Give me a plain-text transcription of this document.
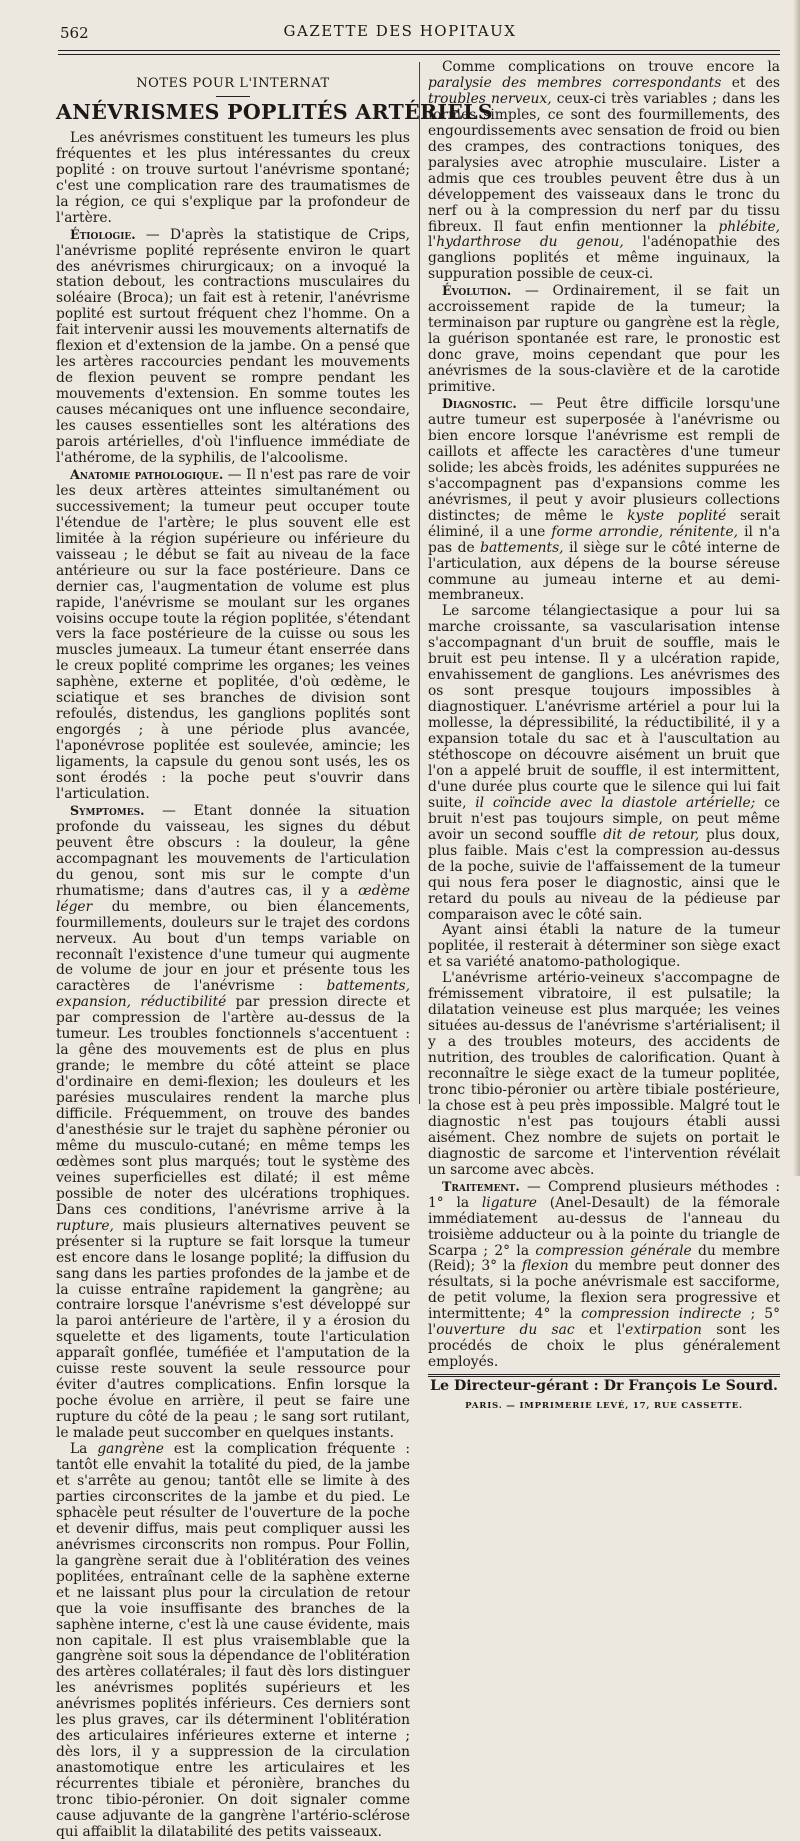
562	GAZETTE DES HOPITAUX
NOTES POUR L'INTERNAT
ANÉVRISMES POPLITÉS ARTÉRIELS

Les anévrismes constituent les tumeurs les plus fréquentes et les plus intéressantes du creux poplité : on trouve surtout l'anévrisme spontané; c'est une complication rare des traumatismes de la région, ce qui s'explique par la profondeur de l'artère.

Étiologie. — D'après la statistique de Crips, l'anévrisme poplité représente environ le quart des anévrismes chirurgicaux; on a invoqué la station debout, les contractions musculaires du soléaire (Broca); un fait est à retenir, l'anévrisme poplité est surtout fréquent chez l'homme. On a fait intervenir aussi les mouvements alternatifs de flexion et d'extension de la jambe. On a pensé que les artères raccourcies pendant les mouvements de flexion peuvent se rompre pendant les mouvements d'extension. En somme toutes les causes mécaniques ont une influence secondaire, les causes essentielles sont les altérations des parois artérielles, d'où l'influence immédiate de l'athérome, de la syphilis, de l'alcoolisme.

Anatomie pathologique. — Il n'est pas rare de voir les deux artères atteintes simultanément ou successivement; la tumeur peut occuper toute l'étendue de l'artère; le plus souvent elle est limitée à la région supérieure ou inférieure du vaisseau ; le début se fait au niveau de la face antérieure ou sur la face postérieure. Dans ce dernier cas, l'augmentation de volume est plus rapide, l'anévrisme se moulant sur les organes voisins occupe toute la région poplitée, s'étendant vers la face postérieure de la cuisse ou sous les muscles jumeaux. La tumeur étant enserrée dans le creux poplité comprime les organes; les veines saphène, externe et poplitée, d'où œdème, le sciatique et ses branches de division sont refoulés, distendus, les ganglions poplités sont engorgés ; à une période plus avancée, l'aponévrose poplitée est soulevée, amincie; les ligaments, la capsule du genou sont usés, les os sont érodés : la poche peut s'ouvrir dans l'articulation.

Symptomes. — Etant donnée la situation profonde du vaisseau, les signes du début peuvent être obscurs : la douleur, la gêne accompagnant les mouvements de l'articulation du genou, sont mis sur le compte d'un rhumatisme; dans d'autres cas, il y a œdème léger du membre, ou bien élancements, fourmillements, douleurs sur le trajet des cordons nerveux. Au bout d'un temps variable on reconnaît l'existence d'une tumeur qui augmente de volume de jour en jour et présente tous les caractères de l'anévrisme : battements, expansion, réductibilité par pression directe et par compression de l'artère au-dessus de la tumeur. Les troubles fonctionnels s'accentuent : la gêne des mouvements est de plus en plus grande; le membre du côté atteint se place d'ordinaire en demi-flexion; les douleurs et les parésies musculaires rendent la marche plus difficile. Fréquemment, on trouve des bandes d'anesthésie sur le trajet du saphène péronier ou même du musculo-cutané; en même temps les œdèmes sont plus marqués; tout le système des veines superficielles est dilaté; il est même possible de noter des ulcérations trophiques. Dans ces conditions, l'anévrisme arrive à la rupture, mais plusieurs alternatives peuvent se présenter si la rupture se fait lorsque la tumeur est encore dans le losange poplité; la diffusion du sang dans les parties profondes de la jambe et de la cuisse entraîne rapidement la gangrène; au contraire lorsque l'anévrisme s'est développé sur la paroi antérieure de l'artère, il y a érosion du squelette et des ligaments, toute l'articulation apparaît gonflée, tuméfiée et l'amputation de la cuisse reste souvent la seule ressource pour éviter d'autres complications. Enfin lorsque la poche évolue en arrière, il peut se faire une rupture du côté de la peau ; le sang sort rutilant, le malade peut succomber en quelques instants.

La gangrène est la complication fréquente : tantôt elle envahit la totalité du pied, de la jambe et s'arrête au genou; tantôt elle se limite à des parties circonscrites de la jambe et du pied. Le sphacèle peut résulter de l'ouverture de la poche et devenir diffus, mais peut compliquer aussi les anévrismes circonscrits non rompus. Pour Follin, la gangrène serait due à l'oblitération des veines poplitées, entraînant celle de la saphène externe et ne laissant plus pour la circulation de retour que la voie insuffisante des branches de la saphène interne, c'est là une cause évidente, mais non capitale. Il est plus vraisemblable que la gangrène soit sous la dépendance de l'oblitération des artères collatérales; il faut dès lors distinguer les anévrismes poplités supérieurs et les anévrismes poplités inférieurs. Ces derniers sont les plus graves, car ils déterminent l'oblitération des articulaires inférieures externe et interne ; dès lors, il y a suppression de la circulation anastomotique entre les articulaires et les récurrentes tibiale et péronière, branches du tronc tibio-péronier. On doit signaler comme cause adjuvante de la gangrène l'artério-sclérose qui affaiblit la dilatabilité des petits vaisseaux.

Comme complications on trouve encore la paralysie des membres correspondants et des troubles nerveux, ceux-ci très variables ; dans les formes simples, ce sont des fourmillements, des engourdissements avec sensation de froid ou bien des crampes, des contractions toniques, des paralysies avec atrophie musculaire. Lister a admis que ces troubles peuvent être dus à un développement des vaisseaux dans le tronc du nerf ou à la compression du nerf par du tissu fibreux. Il faut enfin mentionner la phlébite, l'hydarthrose du genou, l'adénopathie des ganglions poplités et même inguinaux, la suppuration possible de ceux-ci.

Évolution. — Ordinairement, il se fait un accroissement rapide de la tumeur; la terminaison par rupture ou gangrène est la règle, la guérison spontanée est rare, le pronostic est donc grave, moins cependant que pour les anévrismes de la sous-clavière et de la carotide primitive.

Diagnostic. — Peut être difficile lorsqu'une autre tumeur est superposée à l'anévrisme ou bien encore lorsque l'anévrisme est rempli de caillots et affecte les caractères d'une tumeur solide; les abcès froids, les adénites suppurées ne s'accompagnent pas d'expansions comme les anévrismes, il peut y avoir plusieurs collections distinctes; de même le kyste poplité serait éliminé, il a une forme arrondie, rénitente, il n'a pas de battements, il siège sur le côté interne de l'articulation, aux dépens de la bourse séreuse commune au jumeau interne et au demi-membraneux.

Le sarcome télangiectasique a pour lui sa marche croissante, sa vascularisation intense s'accompagnant d'un bruit de souffle, mais le bruit est peu intense. Il y a ulcération rapide, envahissement de ganglions. Les anévrismes des os sont presque toujours impossibles à diagnostiquer. L'anévrisme artériel a pour lui la mollesse, la dépressibilité, la réductibilité, il y a expansion totale du sac et à l'auscultation au stéthoscope on découvre aisément un bruit que l'on a appelé bruit de souffle, il est intermittent, d'une durée plus courte que le silence qui lui fait suite, il coïncide avec la diastole artérielle; ce bruit n'est pas toujours simple, on peut même avoir un second souffle dit de retour, plus doux, plus faible. Mais c'est la compression au-dessus de la poche, suivie de l'affaissement de la tumeur qui nous fera poser le diagnostic, ainsi que le retard du pouls au niveau de la pédieuse par comparaison avec le côté sain.

Ayant ainsi établi la nature de la tumeur poplitée, il resterait à déterminer son siège exact et sa variété anatomo-pathologique.

L'anévrisme artério-veineux s'accompagne de frémissement vibratoire, il est pulsatile; la dilatation veineuse est plus marquée; les veines situées au-dessus de l'anévrisme s'artérialisent; il y a des troubles moteurs, des accidents de nutrition, des troubles de calorification. Quant à reconnaître le siège exact de la tumeur poplitée, tronc tibio-péronier ou artère tibiale postérieure, la chose est à peu près impossible. Malgré tout le diagnostic n'est pas toujours établi aussi aisément. Chez nombre de sujets on portait le diagnostic de sarcome et l'intervention révélait un sarcome avec abcès.

Traitement. — Comprend plusieurs méthodes : 1° la ligature (Anel-Desault) de la fémorale immédiatement au-dessus de l'anneau du troisième adducteur ou à la pointe du triangle de Scarpa ; 2° la compression générale du membre (Reid); 3° la flexion du membre peut donner des résultats, si la poche anévrismale est sacciforme, de petit volume, la flexion sera progressive et intermittente; 4° la compression indirecte ; 5° l'ouverture du sac et l'extirpation sont les procédés de choix le plus généralement employés.

Le Directeur-gérant : Dr François Le Sourd.
PARIS. — IMPRIMERIE LEVÉ, 17, RUE CASSETTE.
